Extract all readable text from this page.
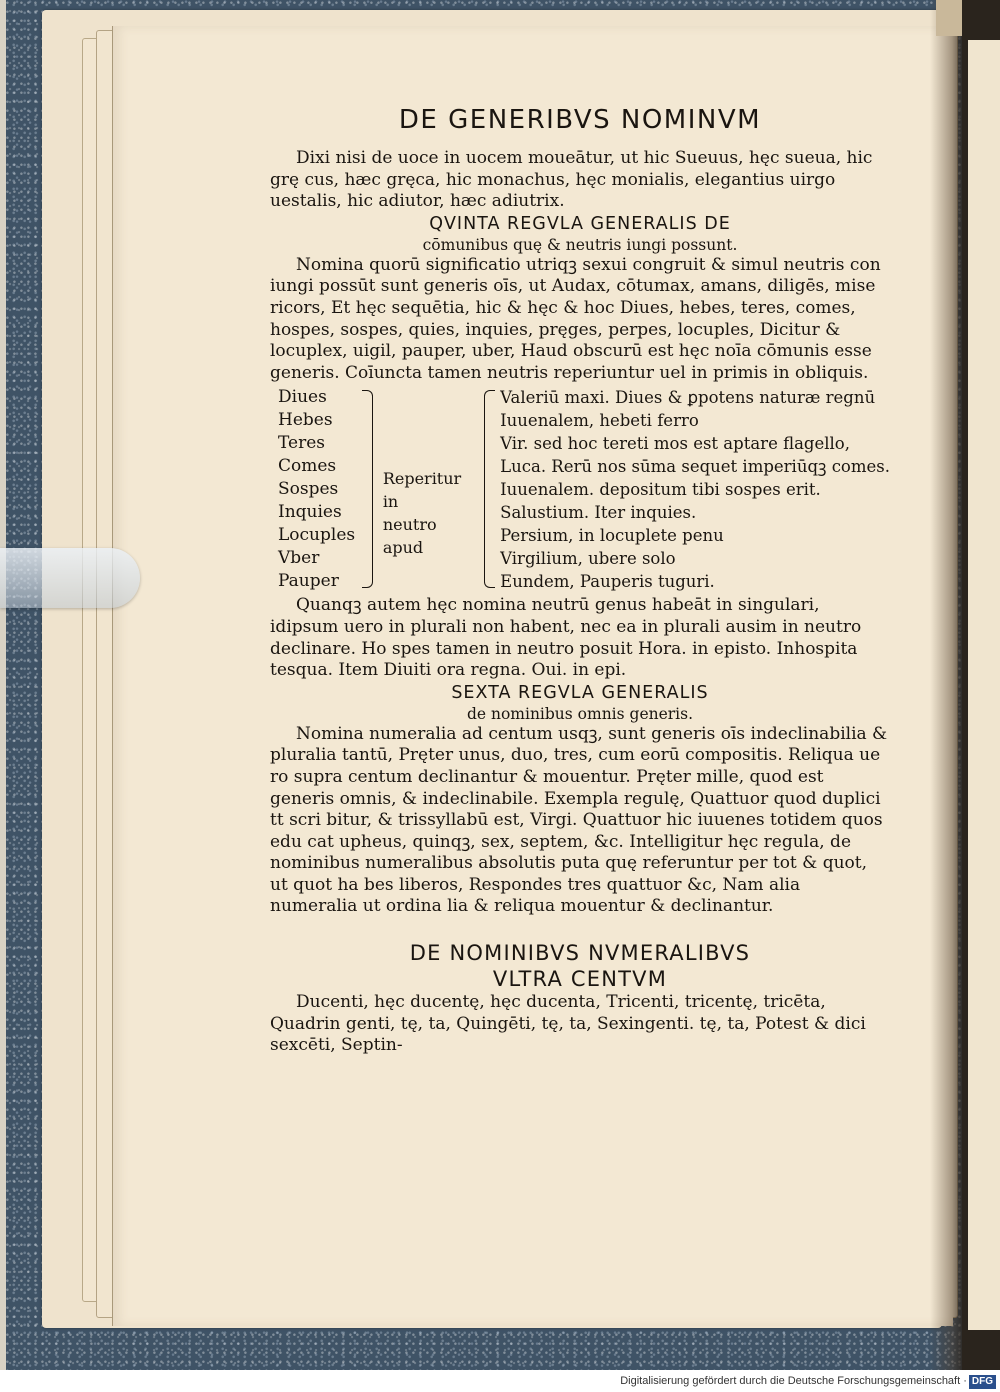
DE GENERIBVS NOMINVM

Dixi nisi de uoce in uocem moueātur, ut hic Sueuus, hęc sueua, hic grę cus, hæc gręca, hic monachus, hęc monialis, elegantius uirgo uestalis, hic adiutor, hæc adiutrix.

QVINTA REGVLA GENERALIS DE
cōmunibus quę & neutris iungi possunt.

Nomina quorū significatio utriqꝫ sexui congruit & simul neutris con iungi possūt sunt generis oīs, ut Audax, cōtumax, amans, diligēs, mise ricors, Et hęc sequētia, hic & hęc & hoc Diues, hebes, teres, comes, hospes, sospes, quies, inquies, pręges, perpes, locuples, Dicitur & locuplex, uigil, pauper, uber, Haud obscurū est hęc noīa cōmunis esse generis. Coīuncta tamen neutris reperiuntur uel in primis in obliquis.

Diues
Hebes
Teres
Comes
Sospes
Inquies
Locuples
Vber
Pauper
Reperitur in
neutro apud
Valeriū maxi. Diues & ꝑpotens naturæ regnū
Iuuenalem, hebeti ferro
Vir. sed hoc tereti mos est aptare flagello,
Luca. Rerū nos sūma sequet imperiūqꝫ comes.
Iuuenalem. depositum tibi sospes erit.
Salustium. Iter inquies.
Persium, in locuplete penu
Virgilium, ubere solo
Eundem, Pauperis tuguri.

Quanqꝫ autem hęc nomina neutrū genus habeāt in singulari, idipsum uero in plurali non habent, nec ea in plurali ausim in neutro declinare. Ho spes tamen in neutro posuit Hora. in episto. Inhospita tesqua. Item Diuiti ora regna. Oui. in epi.

SEXTA REGVLA GENERALIS
de nominibus omnis generis.

Nomina numeralia ad centum usqꝫ, sunt generis oīs indeclinabilia & pluralia tantū, Pręter unus, duo, tres, cum eorū compositis. Reliqua ue ro supra centum declinantur & mouentur. Pręter mille, quod est generis omnis, & indeclinabile. Exempla regulę, Quattuor quod duplici tt scri bitur, & trissyllabū est, Virgi. Quattuor hic iuuenes totidem quos edu cat upheus, quinqꝫ, sex, septem, &c. Intelligitur hęc regula, de nominibus numeralibus absolutis puta quę referuntur per tot & quot, ut quot ha bes liberos, Respondes tres quattuor &c, Nam alia numeralia ut ordina lia & reliqua mouentur & declinantur.

DE NOMINIBVS NVMERALIBVS
VLTRA CENTVM

Ducenti, hęc ducentę, hęc ducenta, Tricenti, tricentę, tricēta, Quadrin genti, tę, ta, Quingēti, tę, ta, Sexingenti. tę, ta, Potest & dici sexcēti, Septin-

Digitalisierung gefördert durch die Deutsche Forschungsgemeinschaft · DFG
